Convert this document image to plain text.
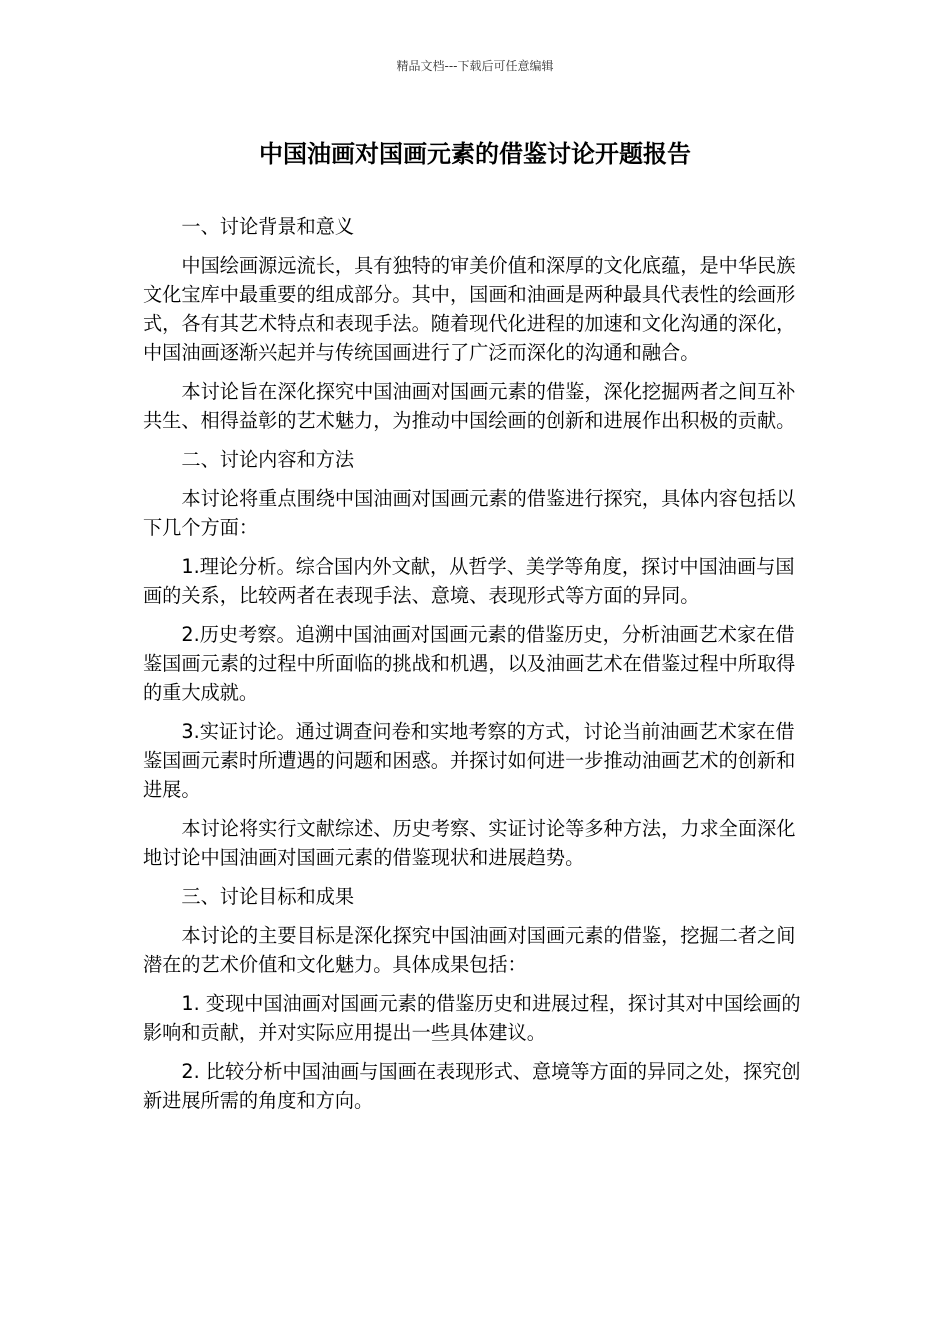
精品文档---下载后可任意编辑
中国油画对国画元素的借鉴讨论开题报告

一、讨论背景和意义

中国绘画源远流长，具有独特的审美价值和深厚的文化底蕴，是中华民族文化宝库中最重要的组成部分。其中，国画和油画是两种最具代表性的绘画形式，各有其艺术特点和表现手法。随着现代化进程的加速和文化沟通的深化，中国油画逐渐兴起并与传统国画进行了广泛而深化的沟通和融合。

本讨论旨在深化探究中国油画对国画元素的借鉴，深化挖掘两者之间互补共生、相得益彰的艺术魅力，为推动中国绘画的创新和进展作出积极的贡献。

二、讨论内容和方法

本讨论将重点围绕中国油画对国画元素的借鉴进行探究，具体内容包括以下几个方面：

1.理论分析。综合国内外文献，从哲学、美学等角度，探讨中国油画与国画的关系，比较两者在表现手法、意境、表现形式等方面的异同。

2.历史考察。追溯中国油画对国画元素的借鉴历史，分析油画艺术家在借鉴国画元素的过程中所面临的挑战和机遇，以及油画艺术在借鉴过程中所取得的重大成就。

3.实证讨论。通过调查问卷和实地考察的方式，讨论当前油画艺术家在借鉴国画元素时所遭遇的问题和困惑。并探讨如何进一步推动油画艺术的创新和进展。

本讨论将实行文献综述、历史考察、实证讨论等多种方法，力求全面深化地讨论中国油画对国画元素的借鉴现状和进展趋势。

三、讨论目标和成果

本讨论的主要目标是深化探究中国油画对国画元素的借鉴，挖掘二者之间潜在的艺术价值和文化魅力。具体成果包括：

1. 变现中国油画对国画元素的借鉴历史和进展过程，探讨其对中国绘画的影响和贡献，并对实际应用提出一些具体建议。

2. 比较分析中国油画与国画在表现形式、意境等方面的异同之处，探究创新进展所需的角度和方向。
